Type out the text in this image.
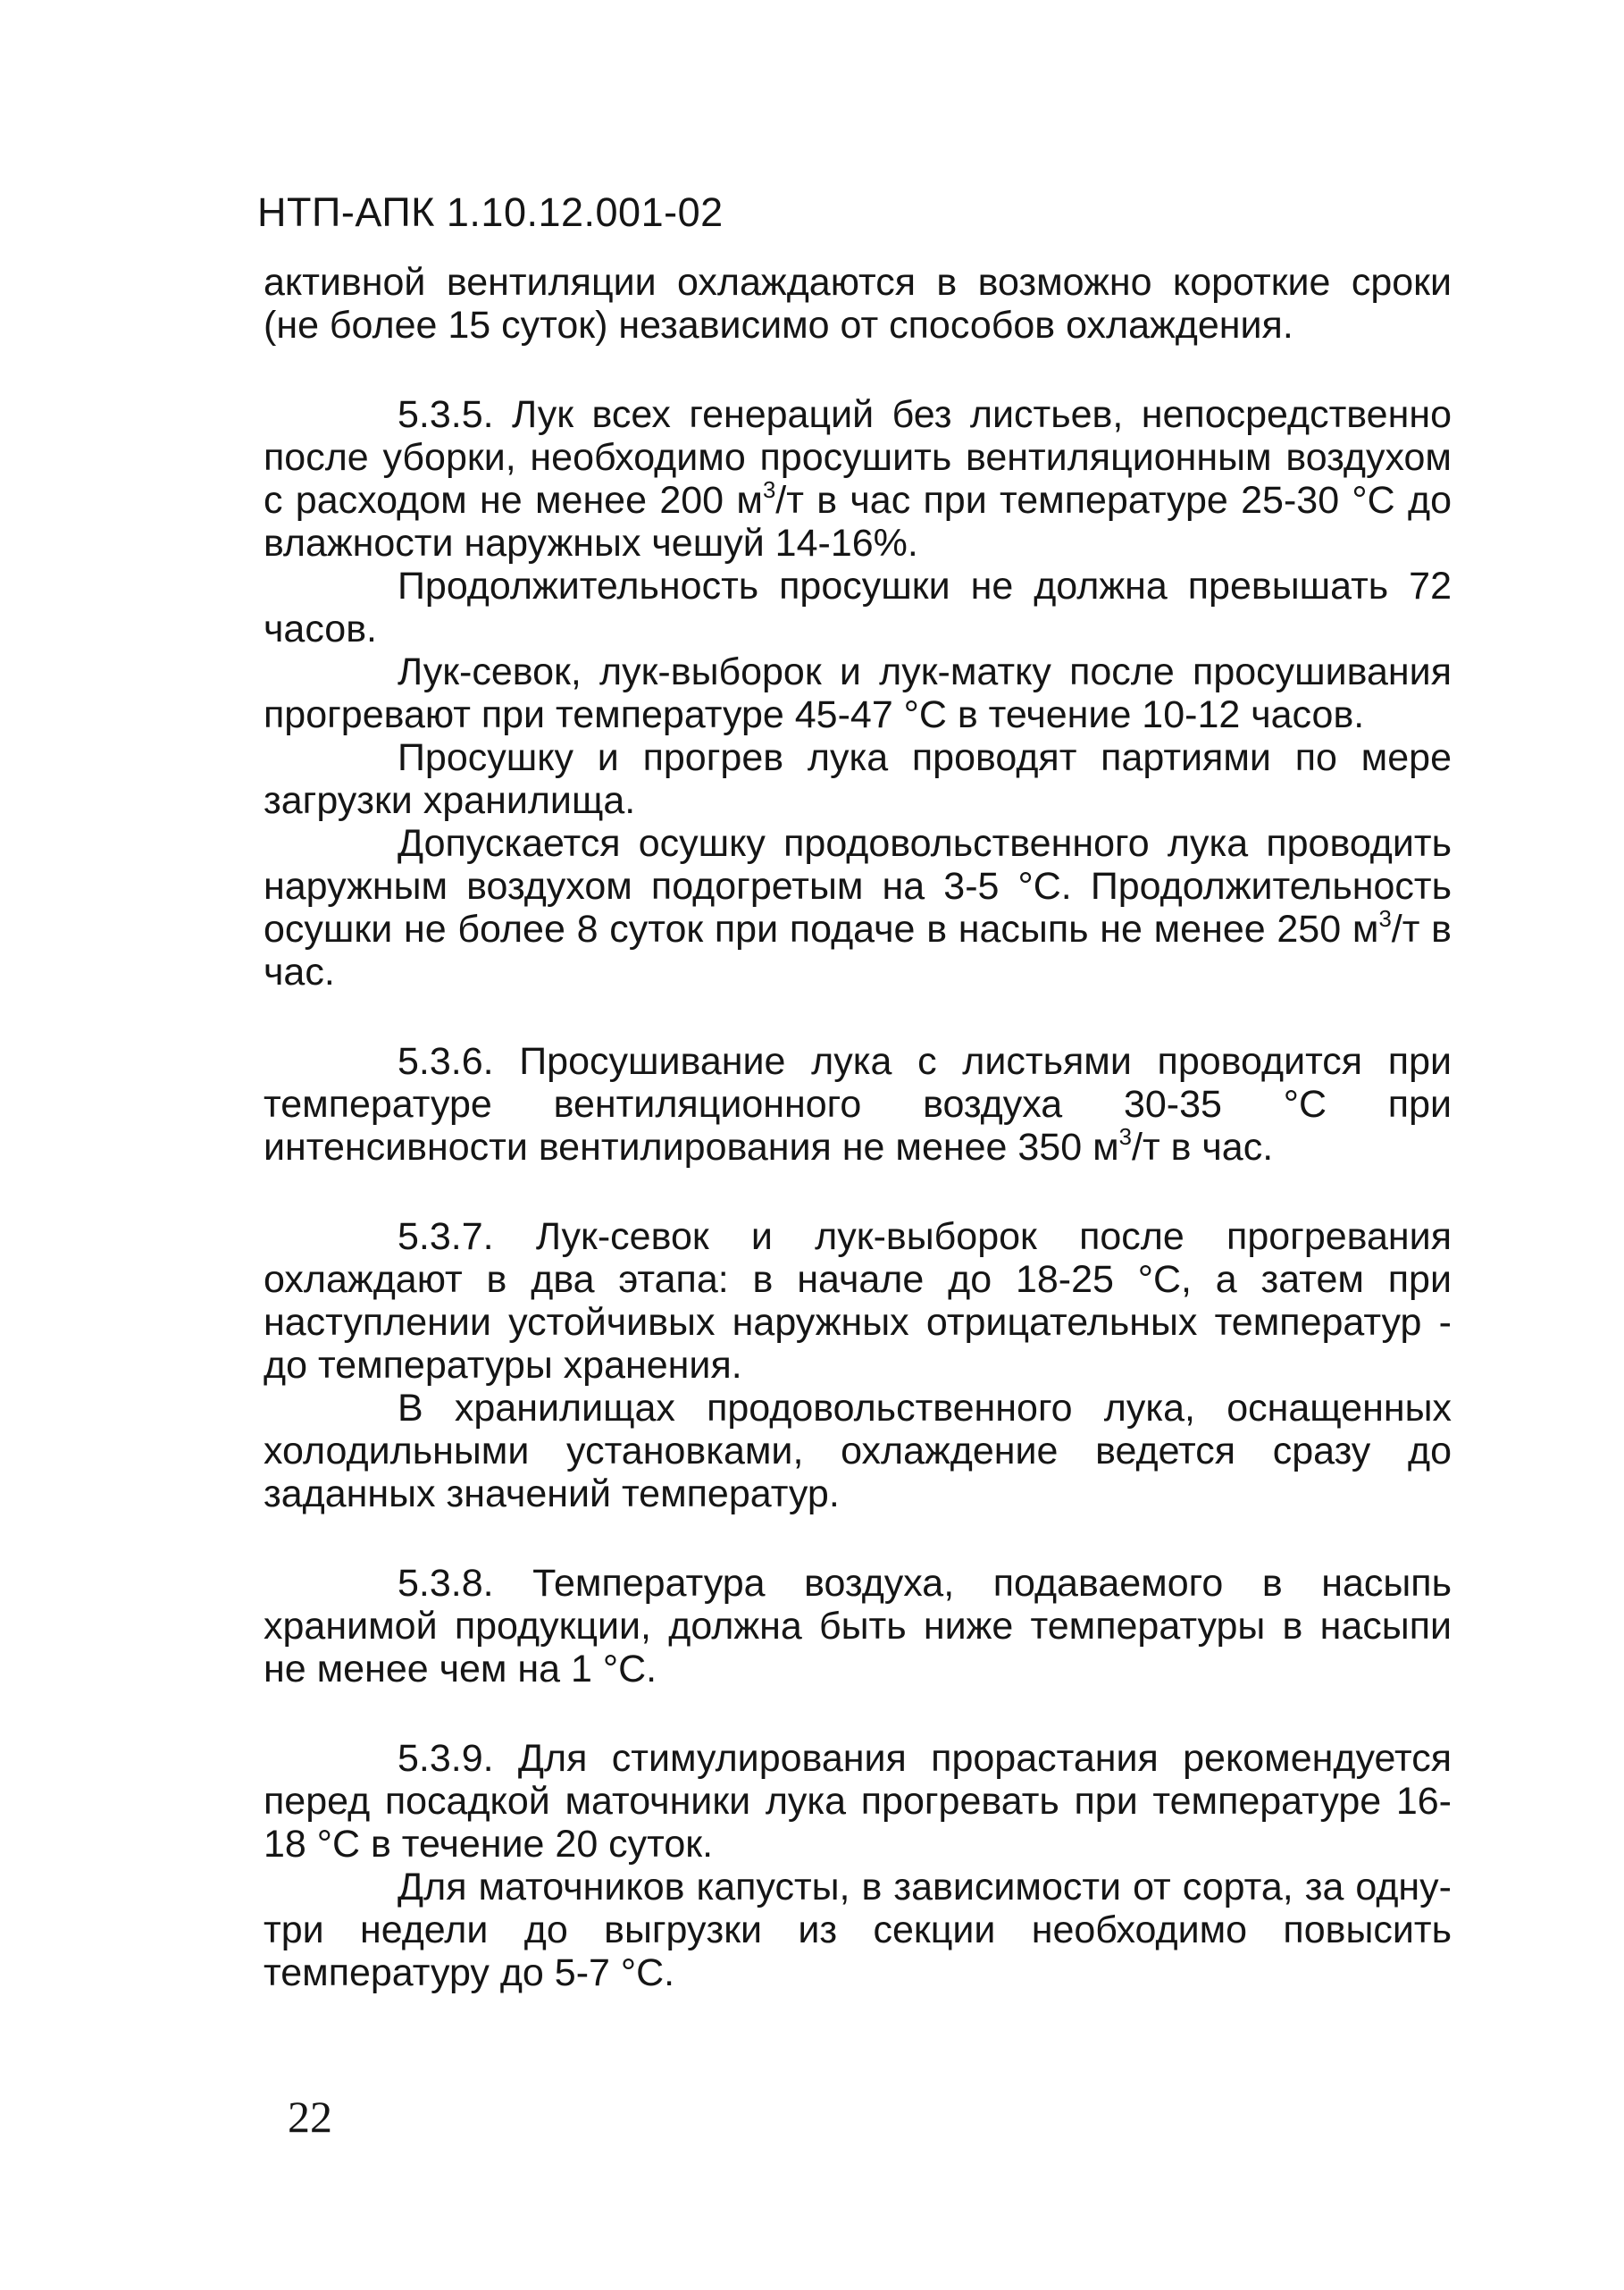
НТП-АПК 1.10.12.001-02

активной вентиляции охлаждаются в возможно короткие сроки (не более 15 суток) независимо от способов охлаждения.

5.3.5. Лук всех генераций без листьев, непосредственно после уборки, необходимо просушить вентиляционным воздухом с расходом не менее 200 $м^3/т$ в час при температуре 25-30 °С до влажности наружных чешуй 14-16%.

Продолжительность просушки не должна превышать 72 часов.

Лук-севок, лук-выборок и лук-матку после просушивания прогревают при температуре 45-47 °С в течение 10-12 часов.

Просушку и прогрев лука проводят партиями по мере загрузки хранилища.

Допускается осушку продовольственного лука проводить наружным воздухом подогретым на 3-5 °С. Продолжительность осушки не более 8 суток при подаче в насыпь не менее 250 $м^3/т$ в час.

5.3.6. Просушивание лука с листьями проводится при температуре вентиляционного воздуха 30-35 °С при интенсивности вентилирования не менее 350 $м^3/т$ в час.

5.3.7. Лук-севок и лук-выборок после прогревания охлаждают в два этапа: в начале до 18-25 °С, а затем при наступлении устойчивых наружных отрицательных температур - до температуры хранения.

В хранилищах продовольственного лука, оснащенных холодильными установками, охлаждение ведется сразу до заданных значений температур.

5.3.8. Температура воздуха, подаваемого в насыпь хранимой продукции, должна быть ниже температуры в насыпи не менее чем на 1 °С.

5.3.9. Для стимулирования прорастания рекомендуется перед посадкой маточники лука прогревать при температуре 16-18 °С в течение 20 суток.

Для маточников капусты, в зависимости от сорта, за одну-три недели до выгрузки из секции необходимо повысить температуру до 5-7 °С.

22
